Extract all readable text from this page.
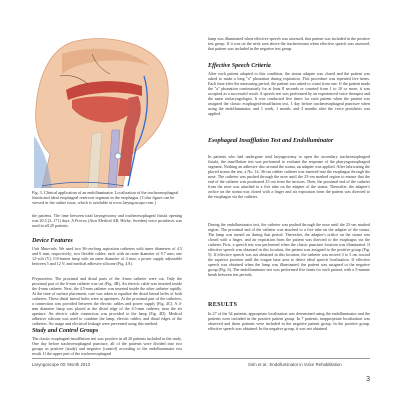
Fig. 3. Clinical application of an endolluminator. Localization of the tracheoesophageal fistula and ideal esophageal reservoir segment in the esophagus. [Color figure can be viewed in the online issue, which is available at www.laryngoscope.com.]
the patients. The time between total laryngectomy and tracheoesophageal fistula opening was 20.5 (2–171) days. A Provox (Atos Medical AB, Hörby, Sweden) voice prosthesis was used in all 20 patients.
Device Features
Unit Materials. We used two 36-cm-long aspiration catheters with inner diameters of 4.5 and 6 mm, respectively; two flexible cables, each with an outer diameter of 0.7 mm; one 12-volt (V), 0.8-lumen lamp with an outer diameter of 4 mm; a power supply adjustable between 5 and 12 V; and medical adhesive silicone (Fig. 4A).
Preparation. The proximal and distal parts of the 4-mm catheter were cut. Only the proximal part of the 6-mm catheter was cut (Fig. 4B). An electric cable was inserted inside the 4-mm catheter. Next, the 4.5-mm catheter was inserted inside the other catheter rapidly. At the time of surface placement, care was taken to equalize the distal lateral holes of both catheters. These distal lateral holes were at apertures. At the proximal part of the catheters, a connection was provided between the electric cables and power supply (Fig. 4C). A 4-mm diameter lamp was placed at the distal edge of the 4.5-mm catheter, near the air aperture. An electric cable connection was provided to the lamp (Fig. 4D). Medical adhesive silicone was used to combine the lamp, electric cables, and distal edges of the catheters. Air usage and electrical leakage were prevented using this method.
Study and Control Groups
The classic esophageal-insufflation test was positive in all 20 patients included in the study. One day before tracheoesophageal puncture, all of the patients were divided into two groups as positive (study) and negative (control) according to the endolluminator test result. If the upper part of the tracheoesophageal
lamp was illuminated when effective speech was assessed, that patient was included in the positive test group. If it was on the neck area above the tracheostoma when effective speech was assessed, that patient was included in the negative test group.
Effective Speech Criteria
After each patient adapted to this condition, the stoma adapter was closed and the patient was asked to make a long "a" phonation during expiration. This procedure was repeated five times. Each time after the measuring period, the patient was asked to count from one. If the patient made the "a" phonation continuously for at least 8 seconds or counted from 1 to 10 or more, it was accepted as a successful result. A speech test was performed by an experienced voice therapist and the same otolaryngologist. It was conducted five times for each patient when the patient was assigned the classic esophageal-insufflation test, 1 day before tracheoesophageal puncture when using the endolluminator, and 1 week, 1 month, and 3 months after the voice prosthesis was applied.
Esophageal Insufflation Test and Endolluminator
In patients who had undergone total laryngectomy to open the secondary tracheoesophageal fistula, the insufflation test was performed to evaluate the response of the pharyngoesophageal segment. Nothing an adhesive disc around the stoma, an adapter was applied. After lubricating the placed stoma the test, a No. 14, 36-cm rubber catheter was inserted into the esophagus through the nose. The catheter was pushed through the nose until the 25-cm marked region to ensure that the end of the catheter was positioned 25 cm from the incisors. Then, the proximal end of the catheter from the nose was attached to a five tube on the adapter of the stoma. Thereafter, the adapter's orifice on the stoma was closed with a finger and air expiration from the patient was directed to the esophagus via the catheter.
During the endolluminator test, the catheter was pushed through the nose until the 25-cm marked region. The proximal end of the catheter was attached to a five tube on the adapter of the stoma. The lamp was turned on during that period. Thereafter, the adapter's orifice on the stoma was closed with a finger, and air expiration from the patient was directed to the esophagus via the catheter. First, a speech test was performed when the classic puncture location was illuminated. If effective speech was obtained in this location, the patient was assigned to the positive group (Fig. 5). If effective speech was not obtained in this location, the catheter was moved 3 to 5 cm toward the superior position until the tongue base area to detect ideal speech localization. If effective speech was obtained when the lamp was illuminated, the patient was assigned to the negative group (Fig. 6). The endolluminator test was performed five times for each patient, with a 5-minute break between test periods.
RESULTS
In 27 of the 34 patients, appropriate localization was determined using the endolluminator and the patients were included in the positive patient group. In 7 patients, inappropriate localization was observed and these patients were included in the negative patient group. In the positive group, effective speech was obtained. In the negative group, it was not obtained
Laryngoscope 00: Month 2013	Sirin et al.: Endolluminator in Voice Rehabilitation
3
